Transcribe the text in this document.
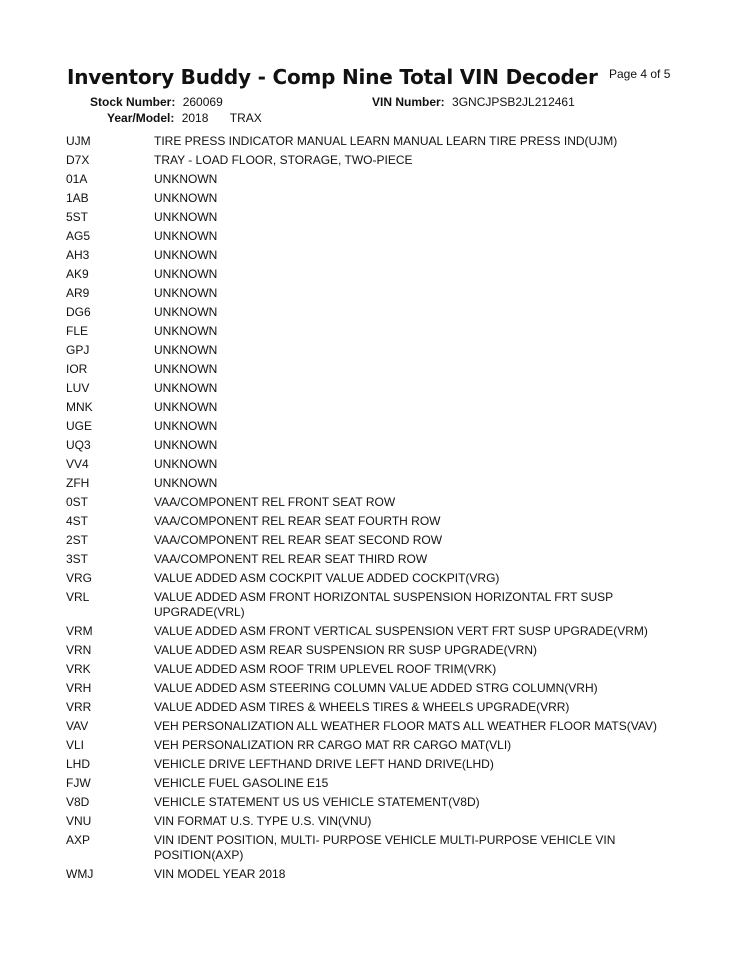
Inventory Buddy - Comp Nine Total VIN Decoder Page 4 of 5
Stock Number: 260069	VIN Number: 3GNCJPSB2JL212461
Year/Model: 2018 TRAX
UJM	TIRE PRESS INDICATOR MANUAL LEARN MANUAL LEARN TIRE PRESS IND(UJM)
D7X	TRAY - LOAD FLOOR, STORAGE, TWO-PIECE
01A	UNKNOWN
1AB	UNKNOWN
5ST	UNKNOWN
AG5	UNKNOWN
AH3	UNKNOWN
AK9	UNKNOWN
AR9	UNKNOWN
DG6	UNKNOWN
FLE	UNKNOWN
GPJ	UNKNOWN
IOR	UNKNOWN
LUV	UNKNOWN
MNK	UNKNOWN
UGE	UNKNOWN
UQ3	UNKNOWN
VV4	UNKNOWN
ZFH	UNKNOWN
0ST	VAA/COMPONENT REL FRONT SEAT ROW
4ST	VAA/COMPONENT REL REAR SEAT FOURTH ROW
2ST	VAA/COMPONENT REL REAR SEAT SECOND ROW
3ST	VAA/COMPONENT REL REAR SEAT THIRD ROW
VRG	VALUE ADDED ASM COCKPIT VALUE ADDED COCKPIT(VRG)
VRL	VALUE ADDED ASM FRONT HORIZONTAL SUSPENSION HORIZONTAL FRT SUSP UPGRADE(VRL)
VRM	VALUE ADDED ASM FRONT VERTICAL SUSPENSION VERT FRT SUSP UPGRADE(VRM)
VRN	VALUE ADDED ASM REAR SUSPENSION RR SUSP UPGRADE(VRN)
VRK	VALUE ADDED ASM ROOF TRIM UPLEVEL ROOF TRIM(VRK)
VRH	VALUE ADDED ASM STEERING COLUMN VALUE ADDED STRG COLUMN(VRH)
VRR	VALUE ADDED ASM TIRES & WHEELS TIRES & WHEELS UPGRADE(VRR)
VAV	VEH PERSONALIZATION ALL WEATHER FLOOR MATS ALL WEATHER FLOOR MATS(VAV)
VLI	VEH PERSONALIZATION RR CARGO MAT RR CARGO MAT(VLI)
LHD	VEHICLE DRIVE LEFTHAND DRIVE LEFT HAND DRIVE(LHD)
FJW	VEHICLE FUEL GASOLINE E15
V8D	VEHICLE STATEMENT US US VEHICLE STATEMENT(V8D)
VNU	VIN FORMAT U.S. TYPE U.S. VIN(VNU)
AXP	VIN IDENT POSITION, MULTI- PURPOSE VEHICLE MULTI-PURPOSE VEHICLE VIN POSITION(AXP)
WMJ	VIN MODEL YEAR 2018
